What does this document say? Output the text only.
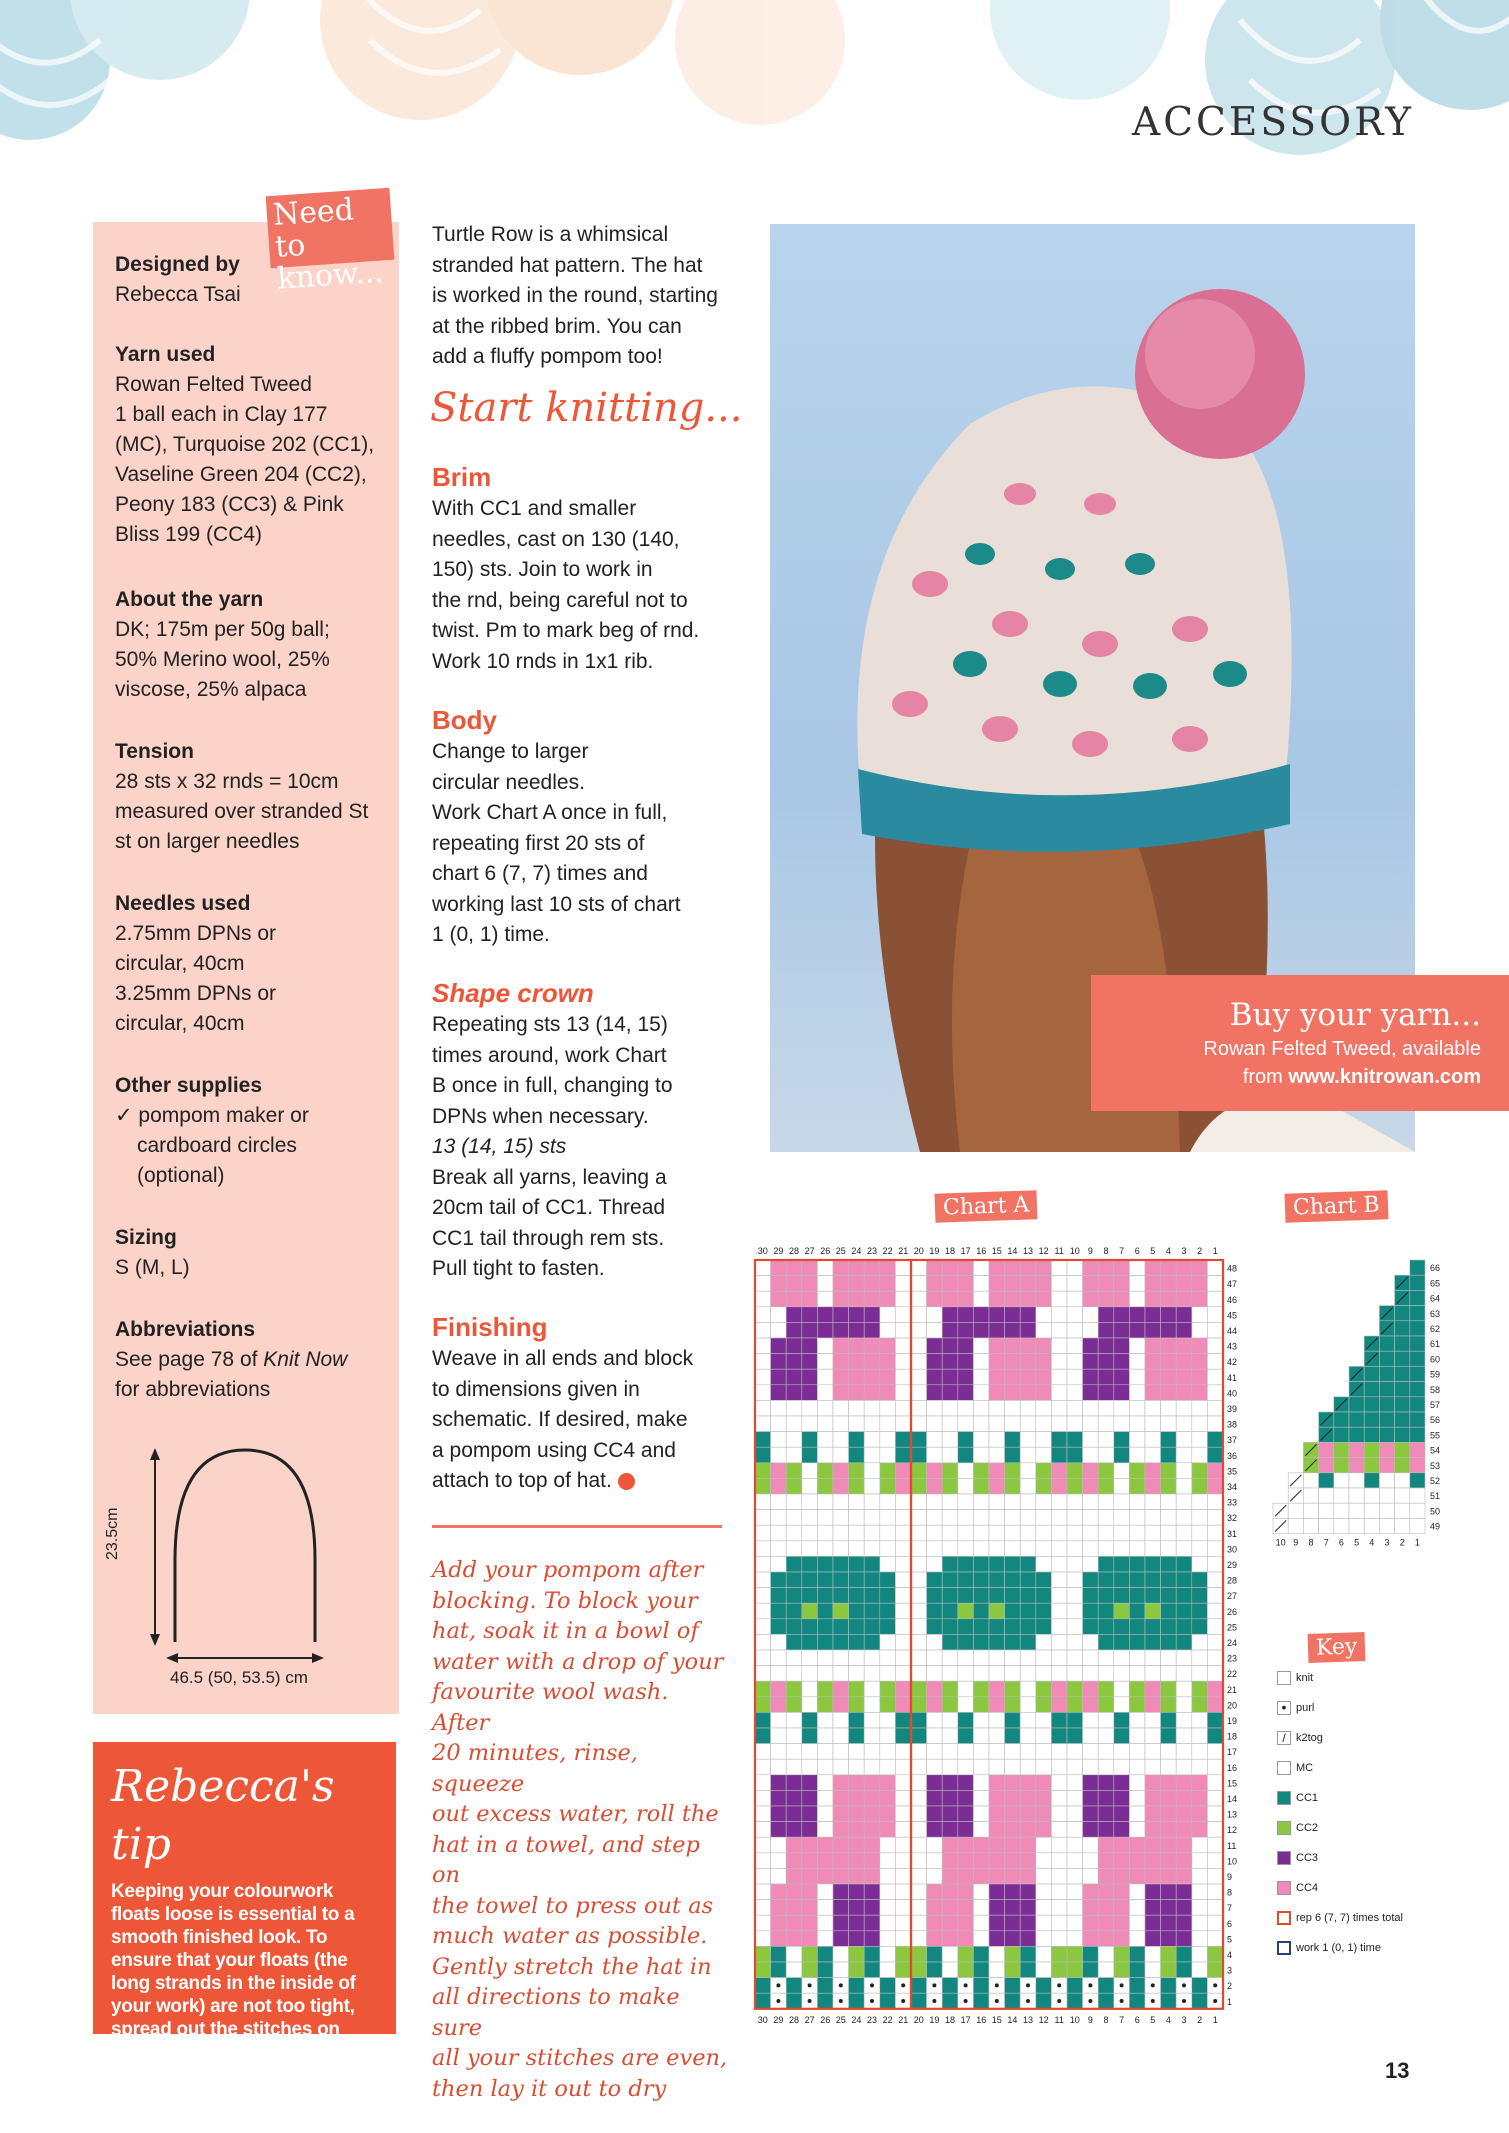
ACCESSORY
Need to know...
Designed by
Rebecca Tsai
Yarn used
Rowan Felted Tweed
1 ball each in Clay 177
(MC), Turquoise 202 (CC1),
Vaseline Green 204 (CC2),
Peony 183 (CC3) & Pink
Bliss 199 (CC4)
About the yarn
DK; 175m per 50g ball;
50% Merino wool, 25%
viscose, 25% alpaca
Tension
28 sts x 32 rnds = 10cm
measured over stranded St
st on larger needles
Needles used
2.75mm DPNs or
circular, 40cm
3.25mm DPNs or
circular, 40cm
Other supplies
✓ pompom maker or
cardboard circles
(optional)
Sizing
S (M, L)
Abbreviations
See page 78 of Knit Now
for abbreviations
23.5cm
46.5 (50, 53.5) cm
Rebecca's tip
Keeping your colourwork floats loose is essential to a smooth finished look. To ensure that your floats (the long strands in the inside of your work) are not too tight, spread out the stitches on your RH needle before changing colours
Turtle Row is a whimsical
stranded hat pattern. The hat
is worked in the round, starting
at the ribbed brim. You can
add a fluffy pompom too!
Start knitting...
Brim
With CC1 and smaller
needles, cast on 130 (140,
150) sts. Join to work in
the rnd, being careful not to
twist. Pm to mark beg of rnd.
Work 10 rnds in 1x1 rib.
Body
Change to larger
circular needles.
Work Chart A once in full,
repeating first 20 sts of
chart 6 (7, 7) times and
working last 10 sts of chart
1 (0, 1) time.
Shape crown
Repeating sts 13 (14, 15)
times around, work Chart
B once in full, changing to
DPNs when necessary.
13 (14, 15) sts
Break all yarns, leaving a
20cm tail of CC1. Thread
CC1 tail through rem sts.
Pull tight to fasten.
Finishing
Weave in all ends and block
to dimensions given in
schematic. If desired, make
a pompom using CC4 and
attach to top of hat.
Add your pompom after
blocking. To block your
hat, soak it in a bowl of
water with a drop of your
favourite wool wash. After
20 minutes, rinse, squeeze
out excess water, roll the
hat in a towel, and step on
the towel to press out as
much water as possible.
Gently stretch the hat in
all directions to make sure
all your stitches are even,
then lay it out to dry
Buy your yarn...
Rowan Felted Tweed, available
from www.knitrowan.com
Chart A	Chart B
30
30
29
29
28
28
27
27
26
26
25
25
24
24
23
23
22
22
21
21
20
20
19
19
18
18
17
17
16
16
15
15
14
14
13
13
12
12
11
11
10
10
9
9
8
8
7
7
6
6
5
5
4
4
3
3
2
2
1
1
48
47
46
45
44
43
42
41
40
39
38
37
36
35
34
33
32
31
30
29
28
27
26
25
24
23
22
21
20
19
18
17
16
15
14
13
12
11
10
9
8
7
6
5
4
3
2
1
66
65
64
63
62
61
60
59
58
57
56
55
54
53
52
51
50
49
10 9 8 7 6 5 4 3 2 1
Key
knit
• purl
/ k2tog
MC
CC1
CC2
CC3
CC4
rep 6 (7, 7) times total
work 1 (0, 1) time
13
